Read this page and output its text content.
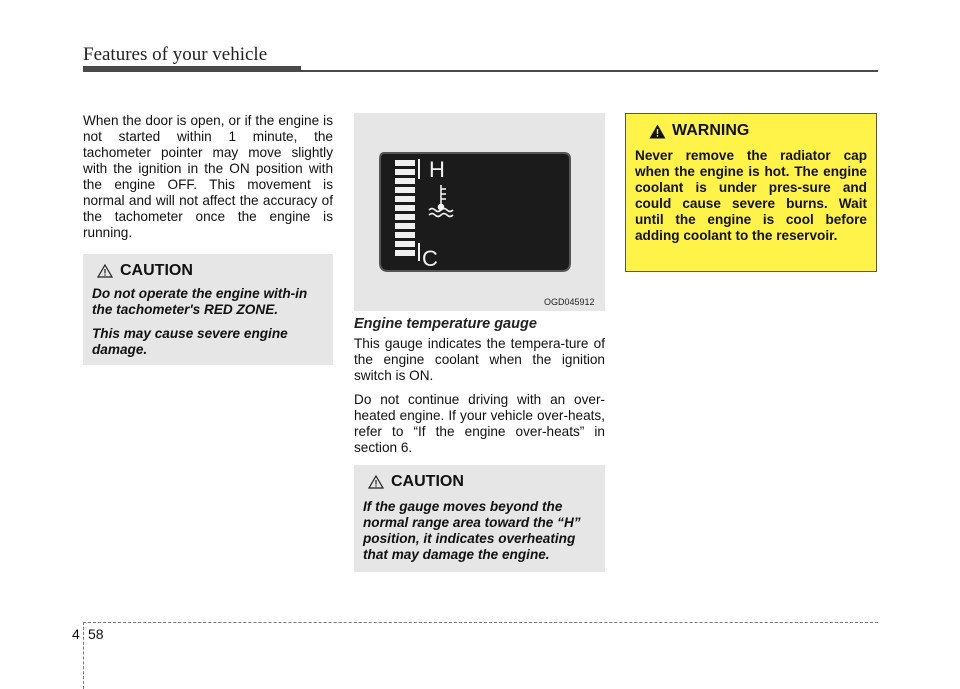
Features of your vehicle

When the door is open, or if the engine is not started within 1 minute, the tachometer pointer may move slightly with the ignition in the ON position with the engine OFF. This movement is normal and will not affect the accuracy of the tachometer once the engine is running.

CAUTION

Do not operate the engine with-in the tachometer's RED ZONE.

This may cause severe engine damage.

H
C
OGD045912
Engine temperature gauge

This gauge indicates the tempera-ture of the engine coolant when the ignition switch is ON.

Do not continue driving with an over-heated engine. If your vehicle over-heats, refer to “If the engine over-heats” in section 6.

CAUTION

If the gauge moves beyond the normal range area toward the “H” position, it indicates overheating that may damage the engine.

WARNING
Never remove the radiator cap when the engine is hot. The engine coolant is under pres-sure and could cause severe burns. Wait until the engine is cool before adding coolant to the reservoir.
4 58
